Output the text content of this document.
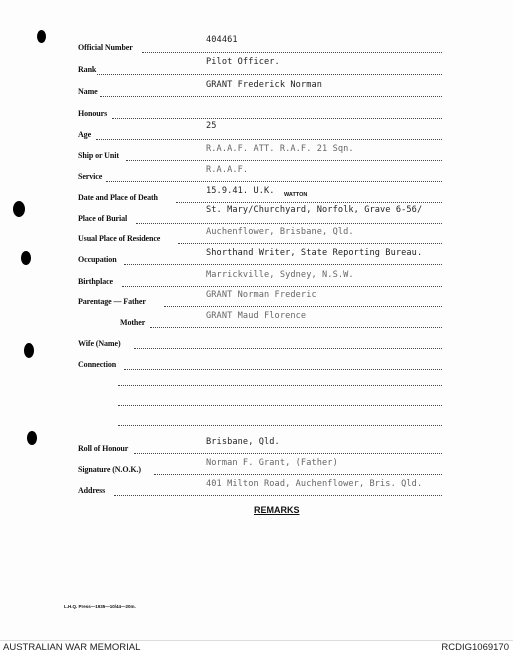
Official Number
404461
Rank
Pilot Officer.
Name
GRANT Frederick Norman
Honours
Age
25
Ship or Unit
R.A.A.F. ATT. R.A.F. 21 Sqn.
Service
R.A.A.F.
Date and Place of Death
15.9.41. U.K. WATTON
Place of Burial
St. Mary/Churchyard, Norfolk, Grave 6-56/
Usual Place of Residence
Auchenflower, Brisbane, Qld.
Occupation
Shorthand Writer, State Reporting Bureau.
Birthplace
Marrickville, Sydney, N.S.W.
Parentage — Father
GRANT Norman Frederic
Mother
GRANT Maud Florence
Wife (Name)
Connection
Roll of Honour
Brisbane, Qld.
Signature (N.O.K.)
Norman F. Grant, (Father)
Address
401 Milton Road, Auchenflower, Bris. Qld.
REMARKS
L.H.Q. Press—1935—10/44—20m.
AUSTRALIAN WAR MEMORIAL	RCDIG1069170
